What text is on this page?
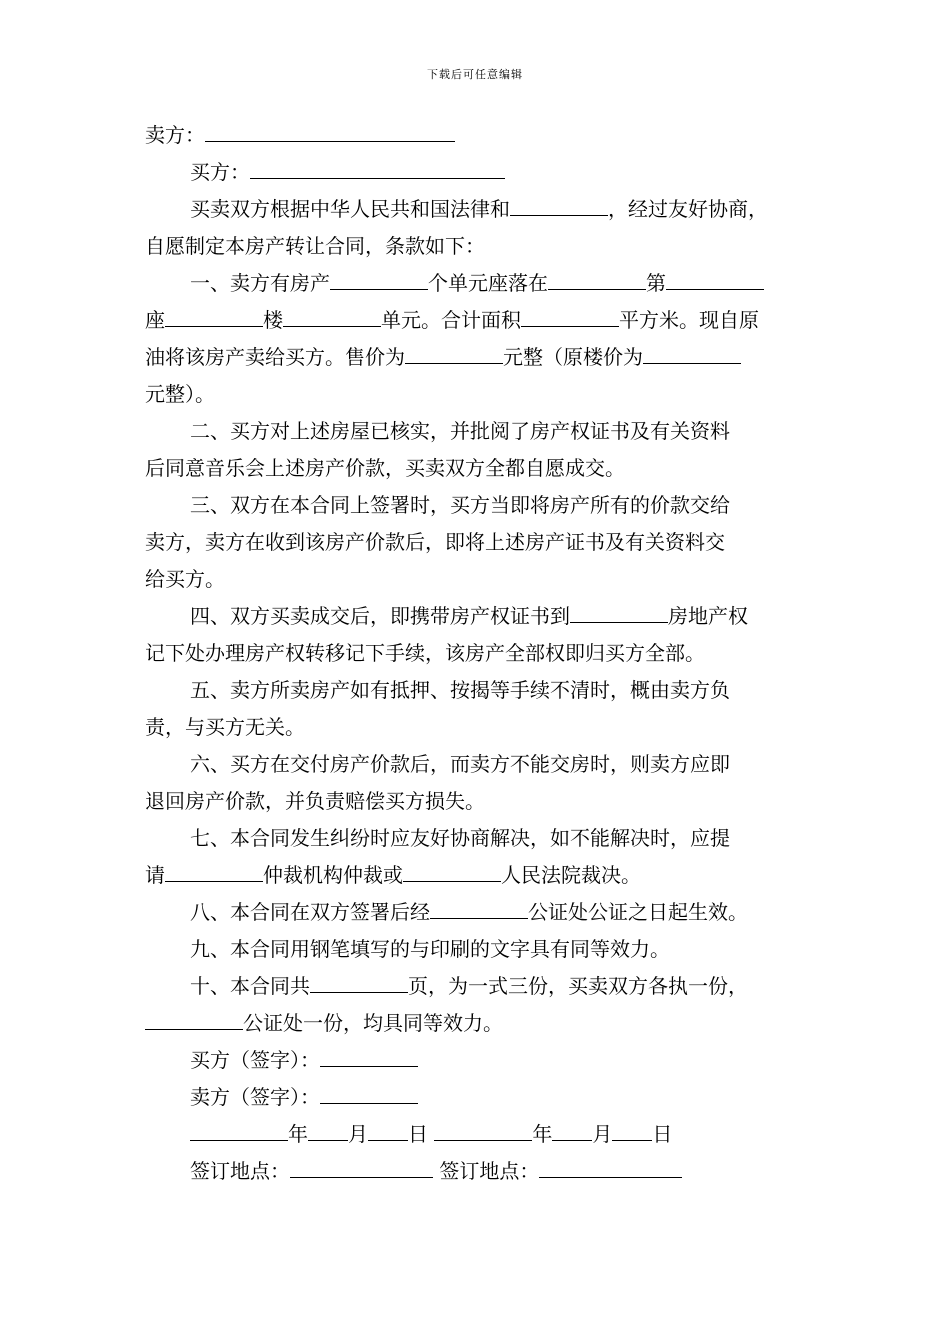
下载后可任意编辑
卖方：
买方：
买卖双方根据中华人民共和国法律和	，经过友好协商，
自愿制定本房产转让合同，条款如下：
一、卖方有房产	个单元座落在	第
座	楼	单元。合计面积	平方米。现自原
油将该房产卖给买方。售价为	元整（原楼价为
元整）。
二、买方对上述房屋已核实，并批阅了房产权证书及有关资料
后同意音乐会上述房产价款，买卖双方全都自愿成交。
三、双方在本合同上签署时，买方当即将房产所有的价款交给
卖方，卖方在收到该房产价款后，即将上述房产证书及有关资料交
给买方。
四、双方买卖成交后，即携带房产权证书到	房地产权
记下处办理房产权转移记下手续，该房产全部权即归买方全部。
五、卖方所卖房产如有抵押、按揭等手续不清时，概由卖方负
责，与买方无关。
六、买方在交付房产价款后，而卖方不能交房时，则卖方应即
退回房产价款，并负责赔偿买方损失。
七、本合同发生纠纷时应友好协商解决，如不能解决时，应提
请	仲裁机构仲裁或	人民法院裁决。
八、本合同在双方签署后经	公证处公证之日起生效。
九、本合同用钢笔填写的与印刷的文字具有同等效力。
十、本合同共	页，为一式三份，买卖双方各执一份，
公证处一份，均具同等效力。
买方（签字）：
卖方（签字）：
年 月 日	年 月 日
签订地点：	签订地点：
